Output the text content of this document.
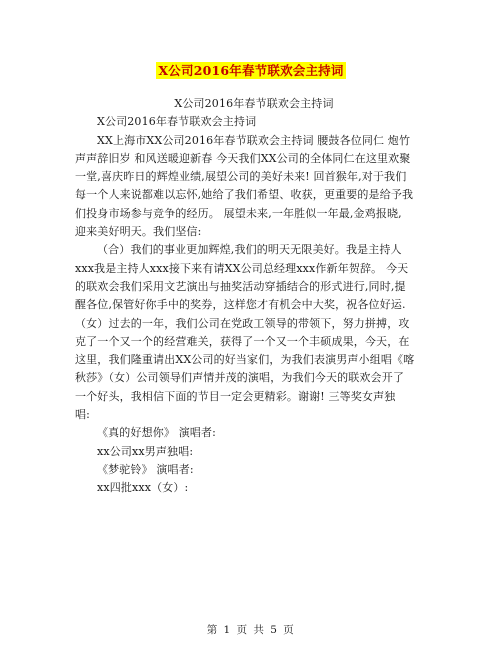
X公司2016年春节联欢会主持词
X公司2016年春节联欢会主持词
X公司2016年春节联欢会主持词
XX上海市XX公司2016年春节联欢会主持词 腰鼓各位同仁 炮竹
声声辞旧岁 和风送暖迎新春 今天我们XX公司的全体同仁在这里欢聚
一堂,喜庆昨日的辉煌业绩,展望公司的美好未来! 回首猴年,对于我们
每一个人来说都难以忘怀,她给了我们希望、收获，更重要的是给予我
们投身市场参与竞争的经历。 展望未来,一年胜似一年最,金鸡报晓,
迎来美好明天。我们坚信:
（合）我们的事业更加辉煌,我们的明天无限美好。我是主持人
xxx我是主持人xxx接下来有请XX公司总经理xxx作新年贺辞。 今天
的联欢会我们采用文艺演出与抽奖活动穿插结合的形式进行,同时,提
醒各位,保管好你手中的奖券，这样您才有机会中大奖，祝各位好运.
（女）过去的一年，我们公司在党政工领导的带领下，努力拼搏，攻
克了一个又一个的经营难关，获得了一个又一个丰硕成果，今天，在
这里，我们隆重请出XX公司的好当家们，为我们表演男声小组唱《喀
秋莎》（女）公司领导们声情并茂的演唱，为我们今天的联欢会开了
一个好头，我相信下面的节目一定会更精彩。谢谢! 三等奖女声独
唱:
《真的好想你》 演唱者:
xx公司xx男声独唱:
《梦驼铃》 演唱者:
xx四批xxx（女）:
第 1 页 共 5 页
